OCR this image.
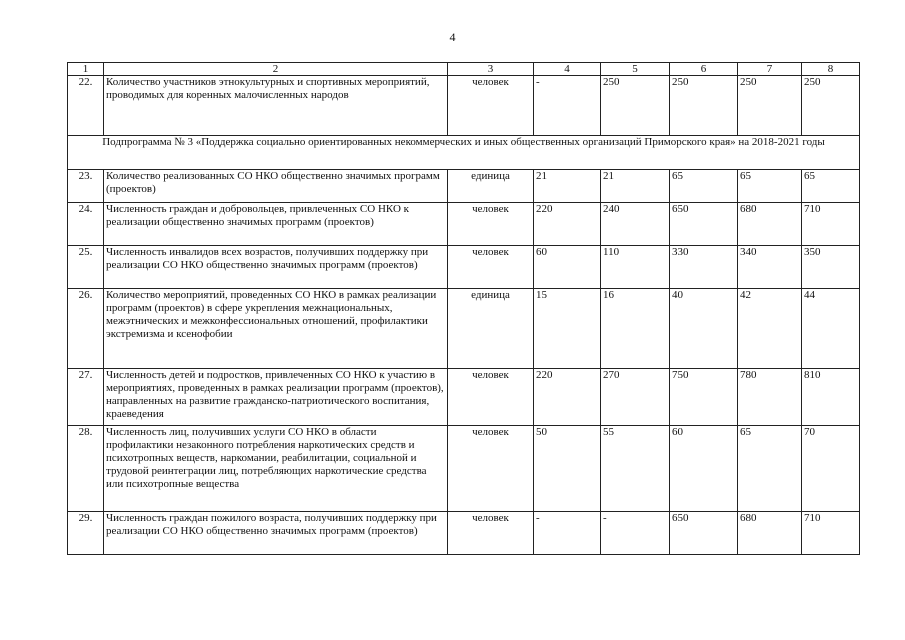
4
1	2	3	4	5	6	7	8
22.	Количество участников этнокультурных и спортивных мероприятий, проводимых для коренных малочисленных народов	человек	-	250	250	250	250
Подпрограмма № 3 «Поддержка социально ориентированных некоммерческих и иных общественных организаций Приморского края» на 2018-2021 годы							
23.	Количество реализованных СО НКО общественно значимых программ (проектов)	единица	21	21	65	65	65
24.	Численность граждан и добровольцев, привлеченных СО НКО к реализации общественно значимых программ (проектов)	человек	220	240	650	680	710
25.	Численность инвалидов всех возрастов, получивших поддержку при реализации СО НКО общественно значимых программ (проектов)	человек	60	110	330	340	350
26.	Количество мероприятий, проведенных СО НКО в рамках реализации программ (проектов) в сфере укрепления межнациональных, межэтнических и межконфессиональных отношений, профилактики экстремизма и ксенофобии	единица	15	16	40	42	44
27.	Численность детей и подростков, привлеченных СО НКО к участию в мероприятиях, проведенных в рамках реализации программ (проектов), направленных на развитие гражданско-патриотического воспитания, краеведения	человек	220	270	750	780	810
28.	Численность лиц, получивших услуги СО НКО в области профилактики незаконного потребления наркотических средств и психотропных веществ, наркомании, реабилитации, социальной и трудовой реинтеграции лиц, потребляющих наркотические средства или психотропные вещества	человек	50	55	60	65	70
29.	Численность граждан пожилого возраста, получивших поддержку при реализации СО НКО общественно значимых программ (проектов)	человек	-	-	650	680	710
